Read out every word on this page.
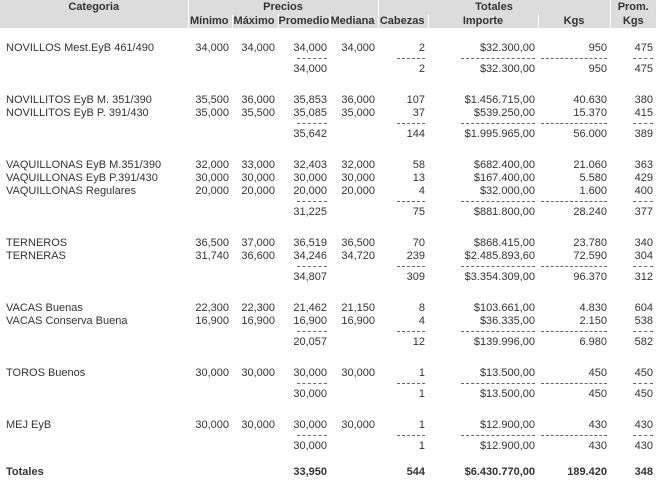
Categoria	Precios				Totales			Prom.
	Mínimo	Máximo	Promedio	Mediana	Cabezas	Importe	Kgs	Kgs

NOVILLOS Mest.EyB 461/490	34,000	34,000	34,000	34,000	2	$32.300,00	950	475

			34,000		2	$32.300,00	950	475

NOVILLITOS EyB M. 351/390	35,500	36,000	35,853	36,000	107	$1.456.715,00	40.630	380
NOVILLITOS EyB P. 391/430	35,000	35,500	35,085	35,000	37	$539.250,00	15.370	415

			35,642		144	$1.995.965,00	56.000	389

VAQUILLONAS EyB M.351/390	32,000	33,000	32,403	32,000	58	$682.400,00	21.060	363
VAQUILLONAS EyB P.391/430	30,000	30,000	30,000	30,000	13	$167.400,00	5.580	429
VAQUILLONAS Regulares	20,000	20,000	20,000	20,000	4	$32.000,00	1.600	400

			31,225		75	$881.800,00	28.240	377

TERNEROS	36,500	37,000	36,519	36,500	70	$868.415,00	23.780	340
TERNERAS	31,740	36,600	34,246	34,720	239	$2.485.893,60	72.590	304

			34,807		309	$3.354.309,00	96.370	312

VACAS Buenas	22,300	22,300	21,462	21,150	8	$103.661,00	4.830	604
VACAS Conserva Buena	16,900	16,900	16,900	16,900	4	$36.335,00	2.150	538

			20,057		12	$139.996,00	6.980	582

TOROS Buenos	30,000	30,000	30,000	30,000	1	$13.500,00	450	450

			30,000		1	$13.500,00	450	450

MEJ EyB	30,000	30,000	30,000	30,000	1	$12.900,00	430	430

			30,000		1	$12.900,00	430	430

Totales			33,950		544	$6.430.770,00	189.420	348
